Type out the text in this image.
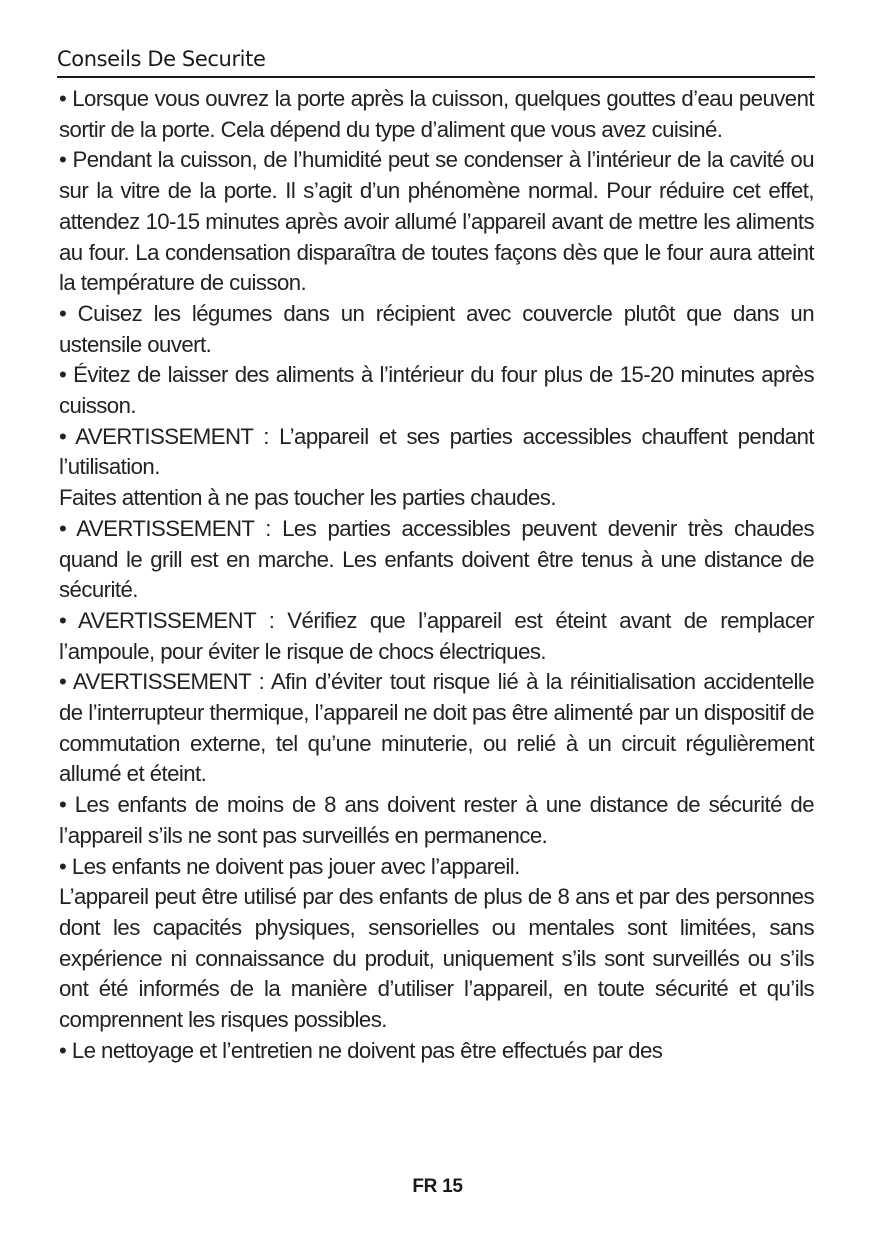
Conseils De Securite

• Lorsque vous ouvrez la porte après la cuisson, quelques gouttes d’eau peuvent sortir de la porte. Cela dépend du type d’aliment que vous avez cuisiné.

• Pendant la cuisson, de l’humidité peut se condenser à l’intérieur de la cavité ou sur la vitre de la porte. Il s’agit d’un phénomène normal. Pour réduire cet effet, attendez 10-15 minutes après avoir allumé l’appareil avant de mettre les aliments au four. La condensation disparaîtra de toutes façons dès que le four aura atteint la température de cuisson.

• Cuisez les légumes dans un récipient avec couvercle plutôt que dans un ustensile ouvert.

• Évitez de laisser des aliments à l’intérieur du four plus de 15-20 minutes après cuisson.

• AVERTISSEMENT : L’appareil et ses parties accessibles chauffent pendant l’utilisation.

Faites attention à ne pas toucher les parties chaudes.

• AVERTISSEMENT : Les parties accessibles peuvent devenir très chaudes quand le grill est en marche. Les enfants doivent être tenus à une distance de sécurité.

• AVERTISSEMENT : Vérifiez que l’appareil est éteint avant de remplacer l’ampoule, pour éviter le risque de chocs électriques.

• AVERTISSEMENT : Afin d’éviter tout risque lié à la réinitialisation accidentelle de l’interrupteur thermique, l’appareil ne doit pas être alimenté par un dispositif de commutation externe, tel qu’une minuterie, ou relié à un circuit régulièrement allumé et éteint.

• Les enfants de moins de 8 ans doivent rester à une distance de sécurité de l’appareil s’ils ne sont pas surveillés en permanence.

• Les enfants ne doivent pas jouer avec l’appareil.

L’appareil peut être utilisé par des enfants de plus de 8 ans et par des personnes dont les capacités physiques, sensorielles ou mentales sont limitées, sans expérience ni connaissance du produit, uniquement s’ils sont surveillés ou s’ils ont été informés de la manière d’utiliser l’appareil, en toute sécurité et qu’ils comprennent les risques possibles.

• Le nettoyage et l’entretien ne doivent pas être effectués par des

FR 15
